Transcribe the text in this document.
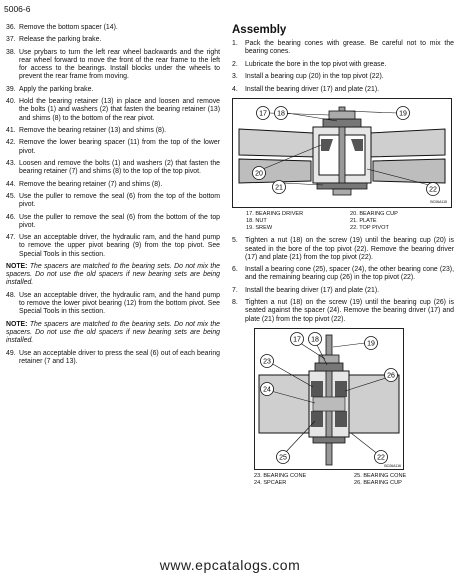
5006-6
36. Remove the bottom spacer (14).
37. Release the parking brake.
38. Use prybars to turn the left rear wheel backwards and the right rear wheel forward to move the front of the rear frame to the left for access to the bearings. Install blocks under the wheels to prevent the rear frame from moving.
39. Apply the parking brake.
40. Hold the bearing retainer (13) in place and loosen and remove the bolts (1) and washers (2) that fasten the bearing retainer (13) and shims (8) to the bottom of the rear pivot.
41. Remove the bearing retainer (13) and shims (8).
42. Remove the lower bearing spacer (11) from the top of the lower pivot.
43. Loosen and remove the bolts (1) and washers (2) that fasten the bearing retainer (7) and shims (8) to the top of the top pivot.
44. Remove the bearing retainer (7) and shims (8).
45. Use the puller to remove the seal (6) from the top of the bottom pivot.
46. Use the puller to remove the seal (6) from the bottom of the top pivot.
47. Use an acceptable driver, the hydraulic ram, and the hand pump to remove the upper pivot bearing (9) from the top pivot. See Special Tools in this section.
NOTE: The spacers are matched to the bearing sets. Do not mix the spacers. Do not use the old spacers if new bearing sets are being installed.
48. Use an acceptable driver, the hydraulic ram, and the hand pump to remove the lower pivot bearing (12) from the bottom pivot. See Special Tools in this section.
NOTE: The spacers are matched to the bearing sets. Do not mix the spacers. Do not use the old spacers if new bearing sets are being installed.
49. Use an acceptable driver to press the seal (6) out of each bearing retainer (7 and 13).
Assembly
1.	Pack the bearing cones with grease. Be careful not to mix the bearing cones.
2.	Lubricate the bore in the top pivot with grease.
3.	Install a bearing cup (20) in the top pivot (22).
4.	Install the bearing driver (17) and plate (21).
17 18	19
20
21	22
BC06A115
17. BEARING DRIVER	20. BEARING CUP
18. NUT	21. PLATE
19. SREW	22. TOP PIVOT
5.	Tighten a nut (18) on the screw (19) until the bearing cup (20) is seated in the bore of the top pivot (22). Remove the bearing driver (17) and plate (21) from the top pivot (22).
6.	Install a bearing cone (25), spacer (24), the other bearing cone (23), and the remaining bearing cup (26) in the top pivot (22).
7.	Install the bearing driver (17) and plate (21).
8.	Tighten a nut (18) on the screw (19) until the bearing cup (26) is seated against the spacer (24). Remove the bearing driver (17) and plate (21) from the top pivot (22).
17 18
19
23
24
26
25	22
BC06A116
23. BEARING CONE	25. BEARING CONE
24. SPCAER	26. BEARING CUP
www.epcatalogs.com
